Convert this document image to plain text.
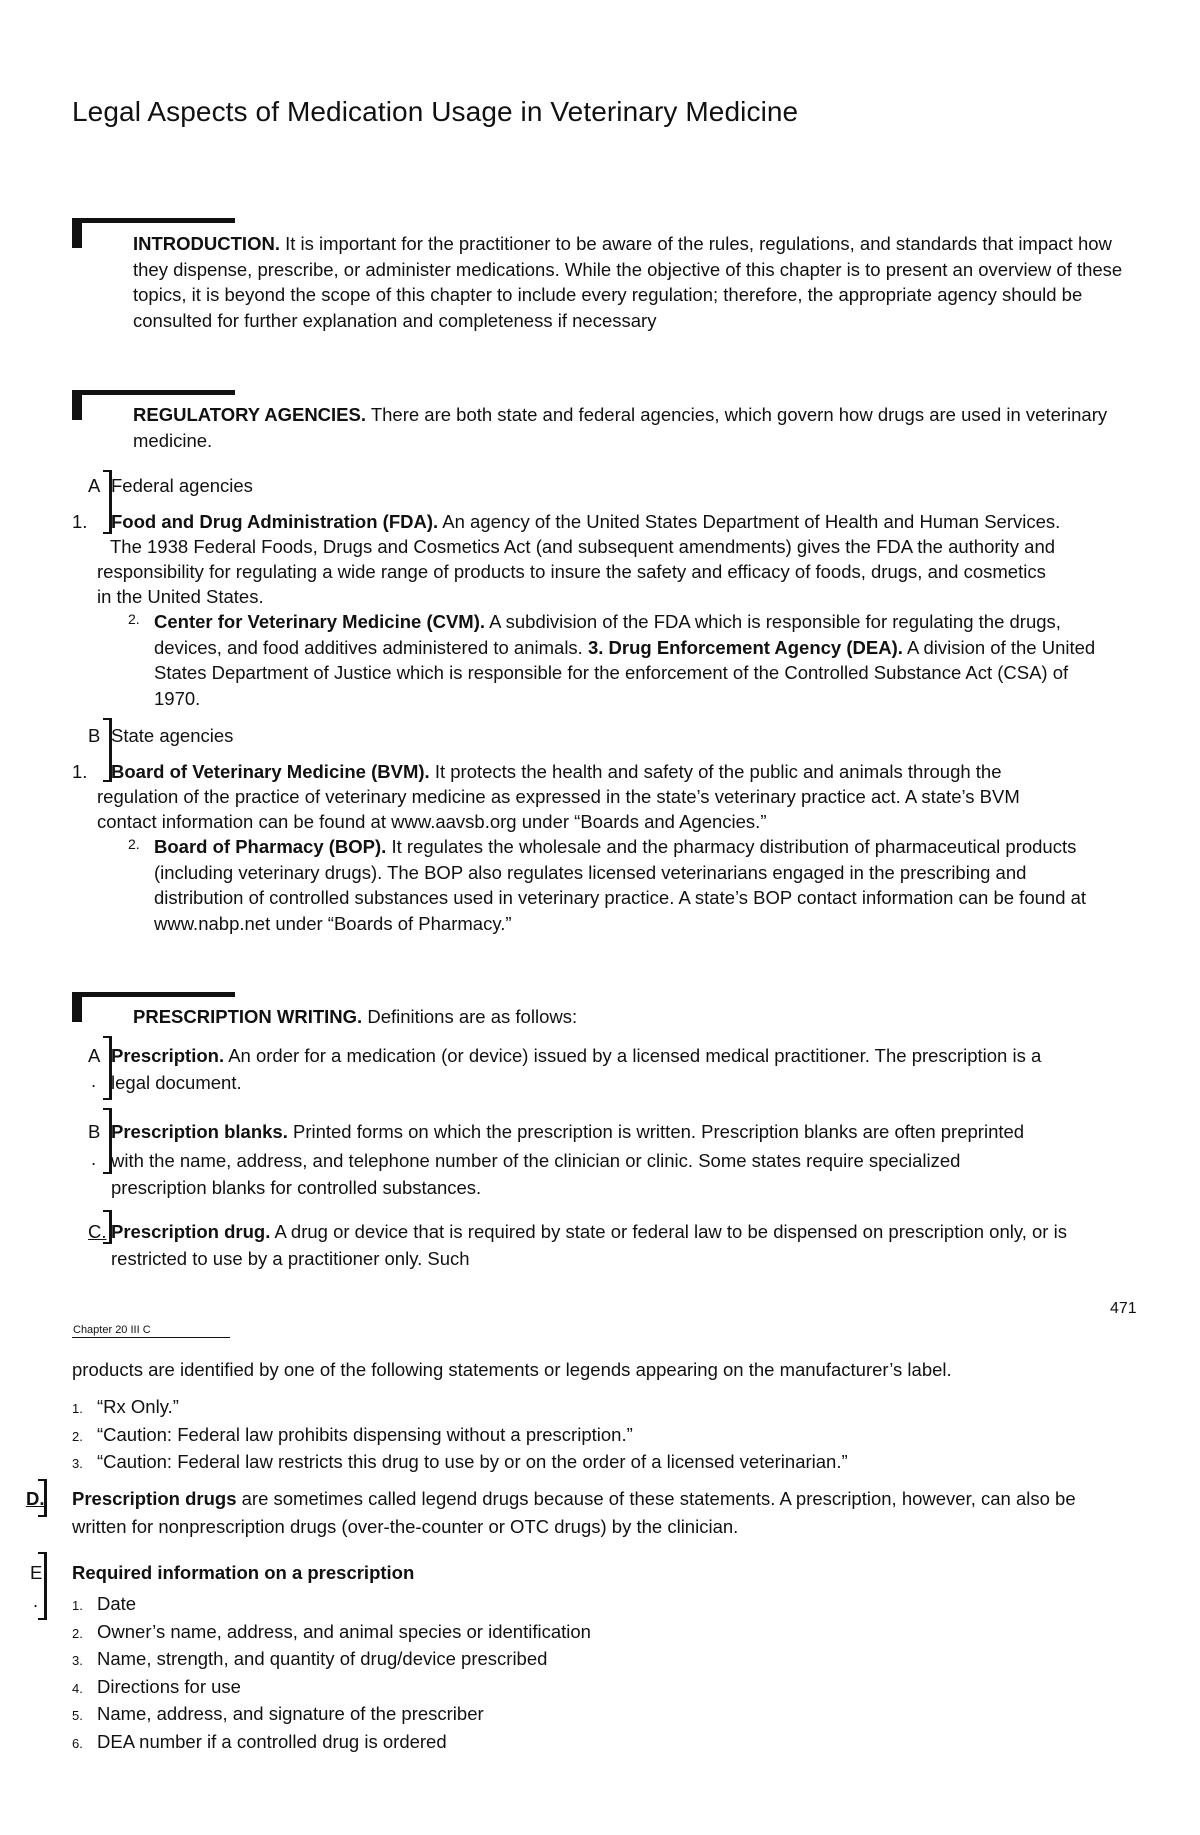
Legal Aspects of Medication Usage in Veterinary Medicine
INTRODUCTION. It is important for the practitioner to be aware of the rules, regulations, and standards that impact how they dispense, prescribe, or administer medications. While the objective of this chapter is to present an overview of these topics, it is beyond the scope of this chapter to include every regulation; therefore, the appropriate agency should be consulted for further explanation and completeness if necessary
REGULATORY AGENCIES. There are both state and federal agencies, which govern how drugs are used in veterinary medicine.
A Federal agencies
1. Food and Drug Administration (FDA). An agency of the United States Department of Health and Human Services.
The 1938 Federal Foods, Drugs and Cosmetics Act (and subsequent amendments) gives the FDA the authority and
responsibility for regulating a wide range of products to insure the safety and efficacy of foods, drugs, and cosmetics
in the United States.
2. Center for Veterinary Medicine (CVM). A subdivision of the FDA which is responsible for regulating the drugs, devices, and food additives administered to animals. 3. Drug Enforcement Agency (DEA). A division of the United States Department of Justice which is responsible for the enforcement of the Controlled Substance Act (CSA) of 1970.
B State agencies
1. Board of Veterinary Medicine (BVM). It protects the health and safety of the public and animals through the
regulation of the practice of veterinary medicine as expressed in the state’s veterinary practice act. A state’s BVM
contact information can be found at www.aavsb.org under “Boards and Agencies.”
2. Board of Pharmacy (BOP). It regulates the wholesale and the pharmacy distribution of pharmaceutical products (including veterinary drugs). The BOP also regulates licensed veterinarians engaged in the prescribing and distribution of controlled substances used in veterinary practice. A state’s BOP contact information can be found at www.nabp.net under “Boards of Pharmacy.”
PRESCRIPTION WRITING. Definitions are as follows:
A
.
Prescription. An order for a medication (or device) issued by a licensed medical practitioner. The prescription is a
legal document.
B
.
Prescription blanks. Printed forms on which the prescription is written. Prescription blanks are often preprinted
with the name, address, and telephone number of the clinician or clinic. Some states require specialized
prescription blanks for controlled substances.
C. Prescription drug. A drug or device that is required by state or federal law to be dispensed on prescription only, or is
restricted to use by a practitioner only. Such
471
Chapter 20 III C
products are identified by one of the following statements or legends appearing on the manufacturer’s label.
1. “Rx Only.”
2. “Caution: Federal law prohibits dispensing without a prescription.”
3. “Caution: Federal law restricts this drug to use by or on the order of a licensed veterinarian.”
D. Prescription drugs are sometimes called legend drugs because of these statements. A prescription, however, can also be
written for nonprescription drugs (over-the-counter or OTC drugs) by the clinician.
E
.
Required information on a prescription
1. Date
2. Owner’s name, address, and animal species or identification
3. Name, strength, and quantity of drug/device prescribed
4. Directions for use
5. Name, address, and signature of the prescriber
6. DEA number if a controlled drug is ordered
